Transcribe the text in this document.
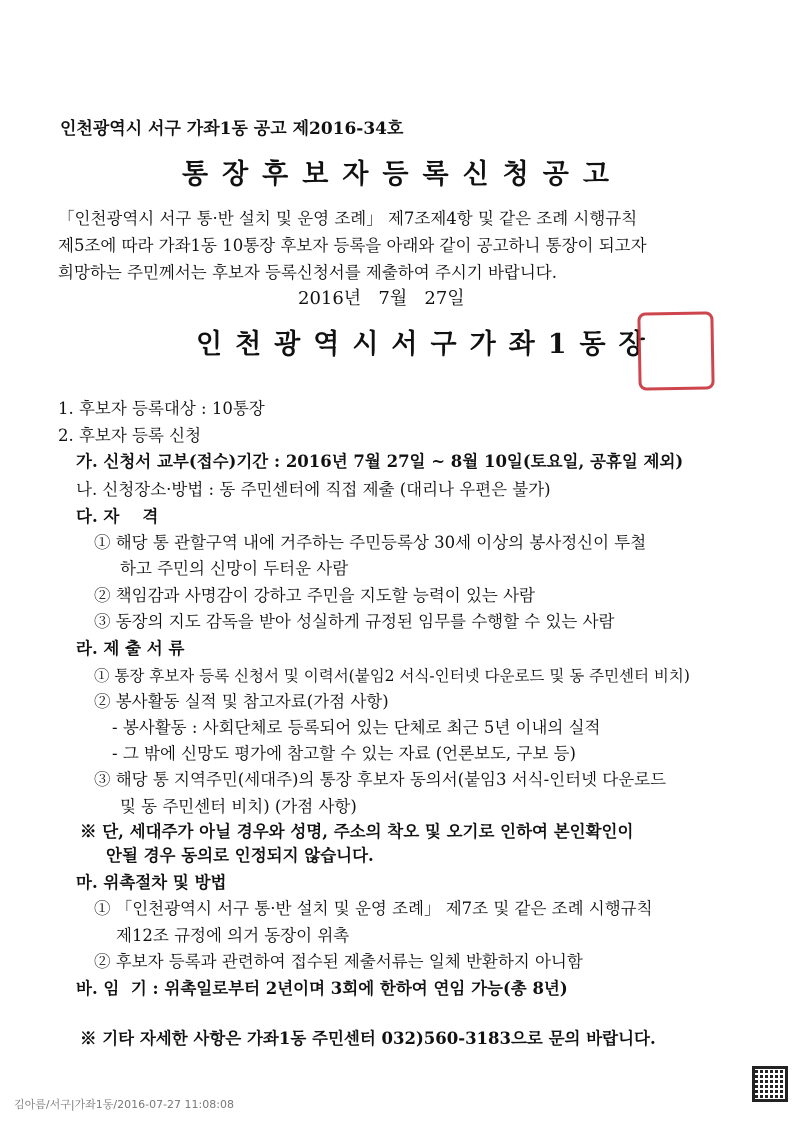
인천광역시 서구 가좌1동 공고 제2016-34호
통장후보자등록신청공고
「인천광역시 서구 통·반 설치 및 운영 조례」 제7조제4항 및 같은 조례 시행규칙
제5조에 따라 가좌1동 10통장 후보자 등록을 아래와 같이 공고하니 통장이 되고자
희망하는 주민께서는 후보자 등록신청서를 제출하여 주시기 바랍니다.
2016년   7월   27일
인천광역시서구가좌1동장
1. 후보자 등록대상 : 10통장
2. 후보자 등록 신청
가. 신청서 교부(접수)기간 : 2016년 7월 27일 ~ 8월 10일(토요일, 공휴일 제외)
나. 신청장소·방법 : 동 주민센터에 직접 제출 (대리나 우편은 불가)
다. 자    격
① 해당 통 관할구역 내에 거주하는 주민등록상 30세 이상의 봉사정신이 투철
하고 주민의 신망이 두터운 사람
② 책임감과 사명감이 강하고 주민을 지도할 능력이 있는 사람
③ 동장의 지도 감독을 받아 성실하게 규정된 임무를 수행할 수 있는 사람
라. 제 출 서 류
① 통장 후보자 등록 신청서 및 이력서(붙임2 서식-인터넷 다운로드 및 동 주민센터 비치)
② 봉사활동 실적 및 참고자료(가점 사항)
- 봉사활동 : 사회단체로 등록되어 있는 단체로 최근 5년 이내의 실적
- 그 밖에 신망도 평가에 참고할 수 있는 자료 (언론보도, 구보 등)
③ 해당 통 지역주민(세대주)의 통장 후보자 동의서(붙임3 서식-인터넷 다운로드
및 동 주민센터 비치) (가점 사항)
※ 단, 세대주가 아닐 경우와 성명, 주소의 착오 및 오기로 인하여 본인확인이
안될 경우 동의로 인정되지 않습니다.
마. 위촉절차 및 방법
① 「인천광역시 서구 통·반 설치 및 운영 조례」 제7조 및 같은 조례 시행규칙
제12조 규정에 의거 동장이 위촉
② 후보자 등록과 관련하여 접수된 제출서류는 일체 반환하지 아니함
바. 임  기 : 위촉일로부터 2년이며 3회에 한하여 연임 가능(총 8년)
※ 기타 자세한 사항은 가좌1동 주민센터 032)560-3183으로 문의 바랍니다.
김아름/서구|가좌1동/2016-07-27 11:08:08
